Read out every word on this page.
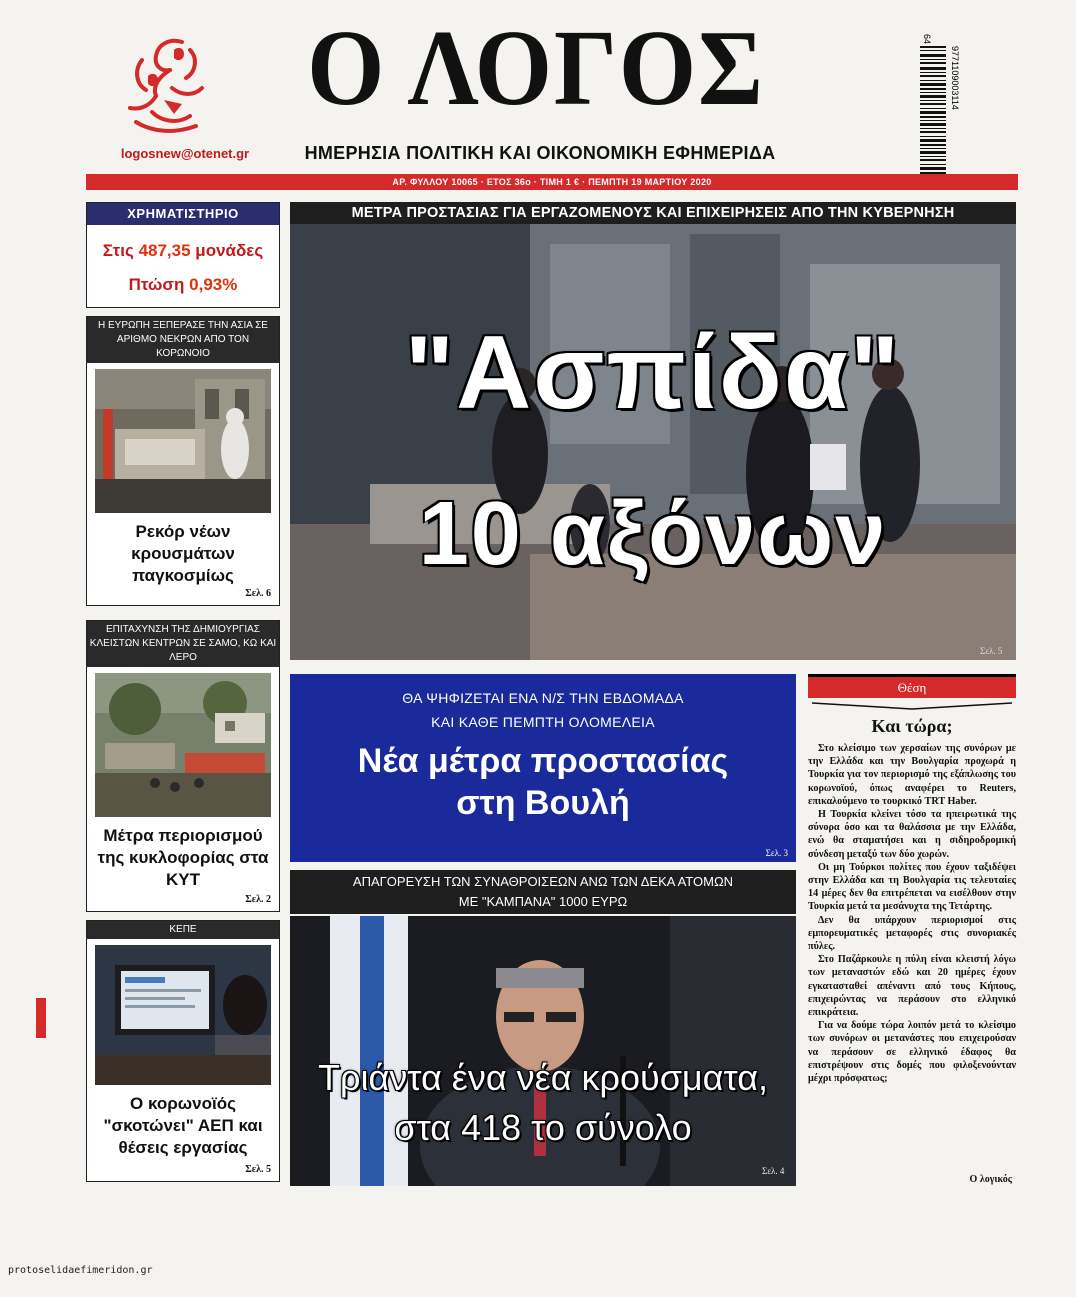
logosnew@otenet.gr
Ο ΛΟΓΟΣ
ΗΜΕΡΗΣΙΑ ΠΟΛΙΤΙΚΗ ΚΑΙ ΟΙΚΟΝΟΜΙΚΗ ΕΦΗΜΕΡΙΔΑ
64
9771109003114
ΑΡ. ΦΥΛΛΟΥ 10065 · ΕΤΟΣ 36ο · ΤΙΜΗ 1 € · ΠΕΜΠΤΗ 19 ΜΑΡΤΙΟΥ 2020
ΧΡΗΜΑΤΙΣΤΗΡΙΟ
Στις 487,35 μονάδες
Πτώση 0,93%
Η ΕΥΡΩΠΗ ΞΕΠΕΡΑΣΕ ΤΗΝ ΑΣΙΑ ΣΕ ΑΡΙΘΜΟ ΝΕΚΡΩΝ ΑΠΟ ΤΟΝ ΚΟΡΩΝΟΙΟ
Ρεκόρ νέων κρουσμάτων παγκοσμίως
Σελ. 6
ΕΠΙΤΑΧΥΝΣΗ ΤΗΣ ΔΗΜΙΟΥΡΓΙΑΣ ΚΛΕΙΣΤΩΝ ΚΕΝΤΡΩΝ ΣΕ ΣΑΜΟ, ΚΩ ΚΑΙ ΛΕΡΟ
Μέτρα περιορισμού της κυκλοφορίας στα ΚΥΤ
Σελ. 2
ΚΕΠΕ
Ο κορωνοϊός "σκοτώνει" ΑΕΠ και θέσεις εργασίας
Σελ. 5
ΜΕΤΡΑ ΠΡΟΣΤΑΣΙΑΣ ΓΙΑ ΕΡΓΑΖΟΜΕΝΟΥΣ ΚΑΙ ΕΠΙΧΕΙΡΗΣΕΙΣ ΑΠΟ ΤΗΝ ΚΥΒΕΡΝΗΣΗ
"Ασπίδα"
10 αξόνων
Σελ. 5
ΘΑ ΨΗΦΙΖΕΤΑΙ ΕΝΑ Ν/Σ ΤΗΝ ΕΒΔΟΜΑΔΑ
ΚΑΙ ΚΑΘΕ ΠΕΜΠΤΗ ΟΛΟΜΕΛΕΙΑ
Νέα μέτρα προστασίας
στη Βουλή
Σελ. 3
ΑΠΑΓΟΡΕΥΣΗ ΤΩΝ ΣΥΝΑΘΡΟΙΣΕΩΝ ΑΝΩ ΤΩΝ ΔΕΚΑ ΑΤΟΜΩΝ
ΜΕ "ΚΑΜΠΑΝΑ" 1000 ΕΥΡΩ
Τριάντα ένα νέα κρούσματα,
στα 418 το σύνολο
Σελ. 4
Θέση
Και τώρα;

Στο κλείσιμο των χερσαίων της συνόρων με την Ελλάδα και την Βουλγαρία προχωρά η Τουρκία για τον περιορισμό της εξάπλωσης του κορωνοϊού, όπως αναφέρει το Reuters, επικαλούμενο το τουρκικό TRT Haber.

Η Τουρκία κλείνει τόσο τα ηπειρωτικά της σύνορα όσο και τα θαλάσσια με την Ελλάδα, ενώ θα σταματήσει και η σιδηροδρομική σύνδεση μεταξύ των δύο χωρών.

Οι μη Τούρκοι πολίτες που έχουν ταξιδέψει στην Ελλάδα και τη Βουλγαρία τις τελευταίες 14 μέρες δεν θα επιτρέπεται να εισέλθουν στην Τουρκία μετά τα μεσάνυχτα της Τετάρτης.

Δεν θα υπάρχουν περιορισμοί στις εμπορευματικές μεταφορές στις συνοριακές πύλες.

Στο Παζάρκουλε η πύλη είναι κλειστή λόγω των μεταναστών εδώ και 20 ημέρες έχουν εγκατασταθεί απέναντι από τους Κήπους, επιχειρώντας να περάσουν στο ελληνικό επικράτεια.

Για να δούμε τώρα λοιπόν μετά το κλείσιμο των συνόρων οι μετανάστες που επιχειρούσαν να περάσουν σε ελληνικό έδαφος θα επιστρέψουν στις δομές που φιλοξενούνταν μέχρι πρόσφατως;

Ο λογικός
protoselidaefimeridon.gr
